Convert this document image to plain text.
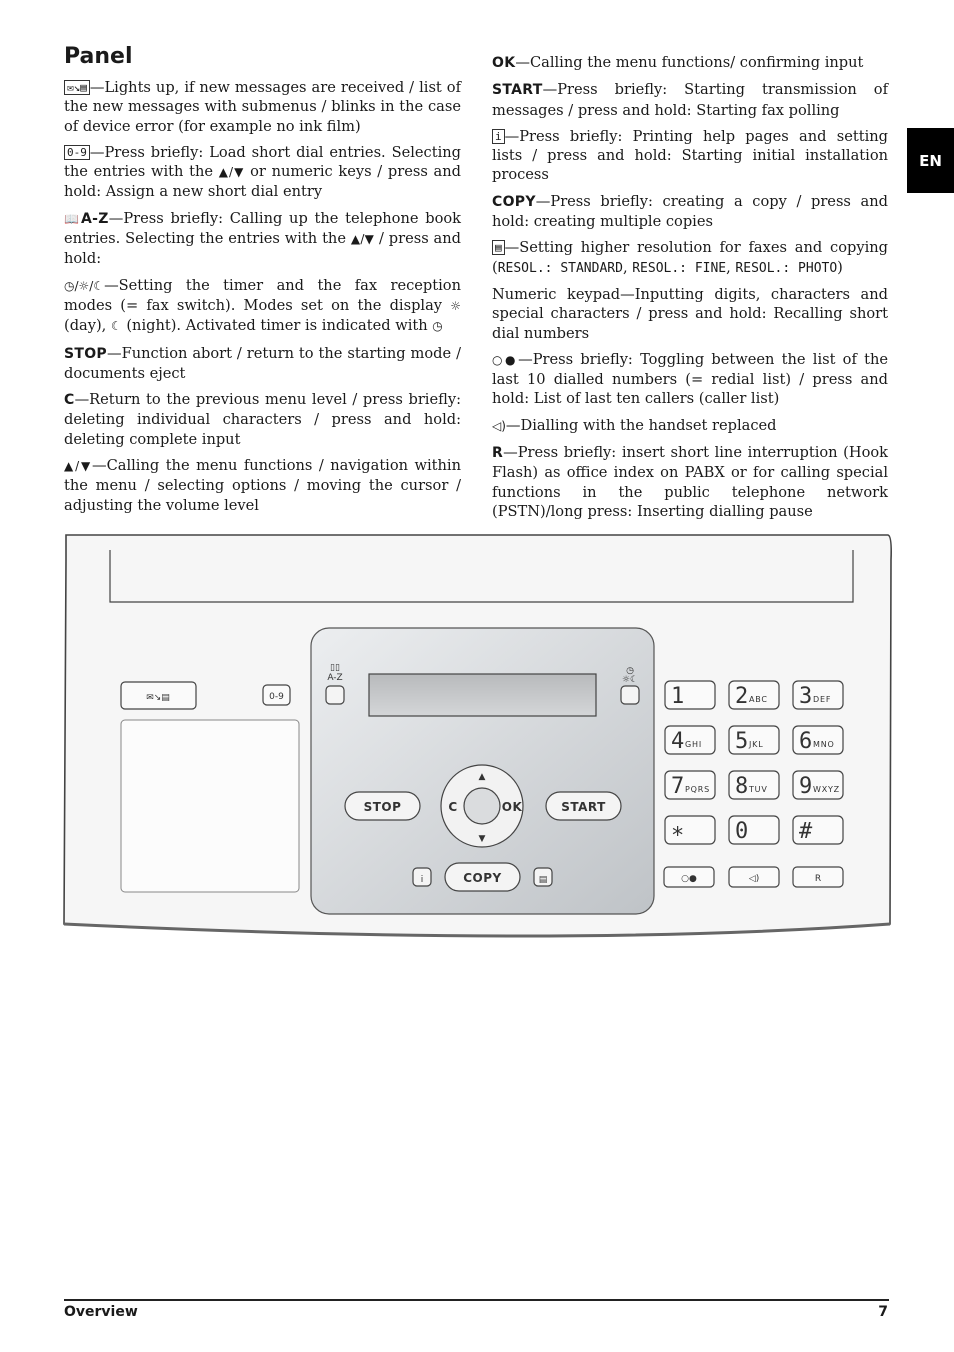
Panel

✉↘▤ —Lights up, if new messages are received / list of the new messages with submenus / blinks in the case of device error (for example no ink film)

0-9 —Press briefly: Load short dial entries. Selecting the entries with the ▲/▼ or numeric keys / press and hold: Assign a new short dial entry

📖A-Z—Press briefly: Calling up the telephone book entries. Selecting the entries with the ▲/▼ / press and hold:

◷/☼/☾—Setting the timer and the fax reception modes (= fax switch). Modes set on the display ☼ (day), ☾ (night). Activated timer is indicated with ◷

STOP—Function abort / return to the starting mode / documents eject

C—Return to the previous menu level / press briefly: deleting individual characters / press and hold: deleting complete input

▲/▼—Calling the menu functions / navigation within the menu / selecting options / moving the cursor / adjusting the volume level

OK—Calling the menu functions/ confirming input

START—Press briefly: Starting transmission of messages / press and hold: Starting fax polling

i —Press briefly: Printing help pages and setting lists / press and hold: Starting initial installation process

COPY—Press briefly: creating a copy / press and hold: creating multiple copies

▤ —Setting higher resolution for faxes and copying (RESOL.: STANDARD, RESOL.: FINE, RESOL.: PHOTO)

Numeric keypad—Inputting digits, characters and special characters / press and hold: Recalling short dial numbers

○●—Press briefly: Toggling between the list of the last 10 dialled numbers (= redial list) / press and hold: List of last ten callers (caller list)

◁)—Dialling with the handset replaced

R—Press briefly: insert short line interruption (Hook Flash) as office index on PABX or for calling special functions in the public telephone network (PSTN)/long press: Inserting dialling pause

EN
✉↘▤	0-9
▯▯
A-Z
◷
☼☾
STOP	START
▲
▼
C	OK
i	COPY	▤
1 2 ABC 3 DEF
4 GHI 5 JKL 6 MNO
7 PQRS 8 TUV 9 WXYZ
∗ 0 #
○●	◁)	R
Overview	7
